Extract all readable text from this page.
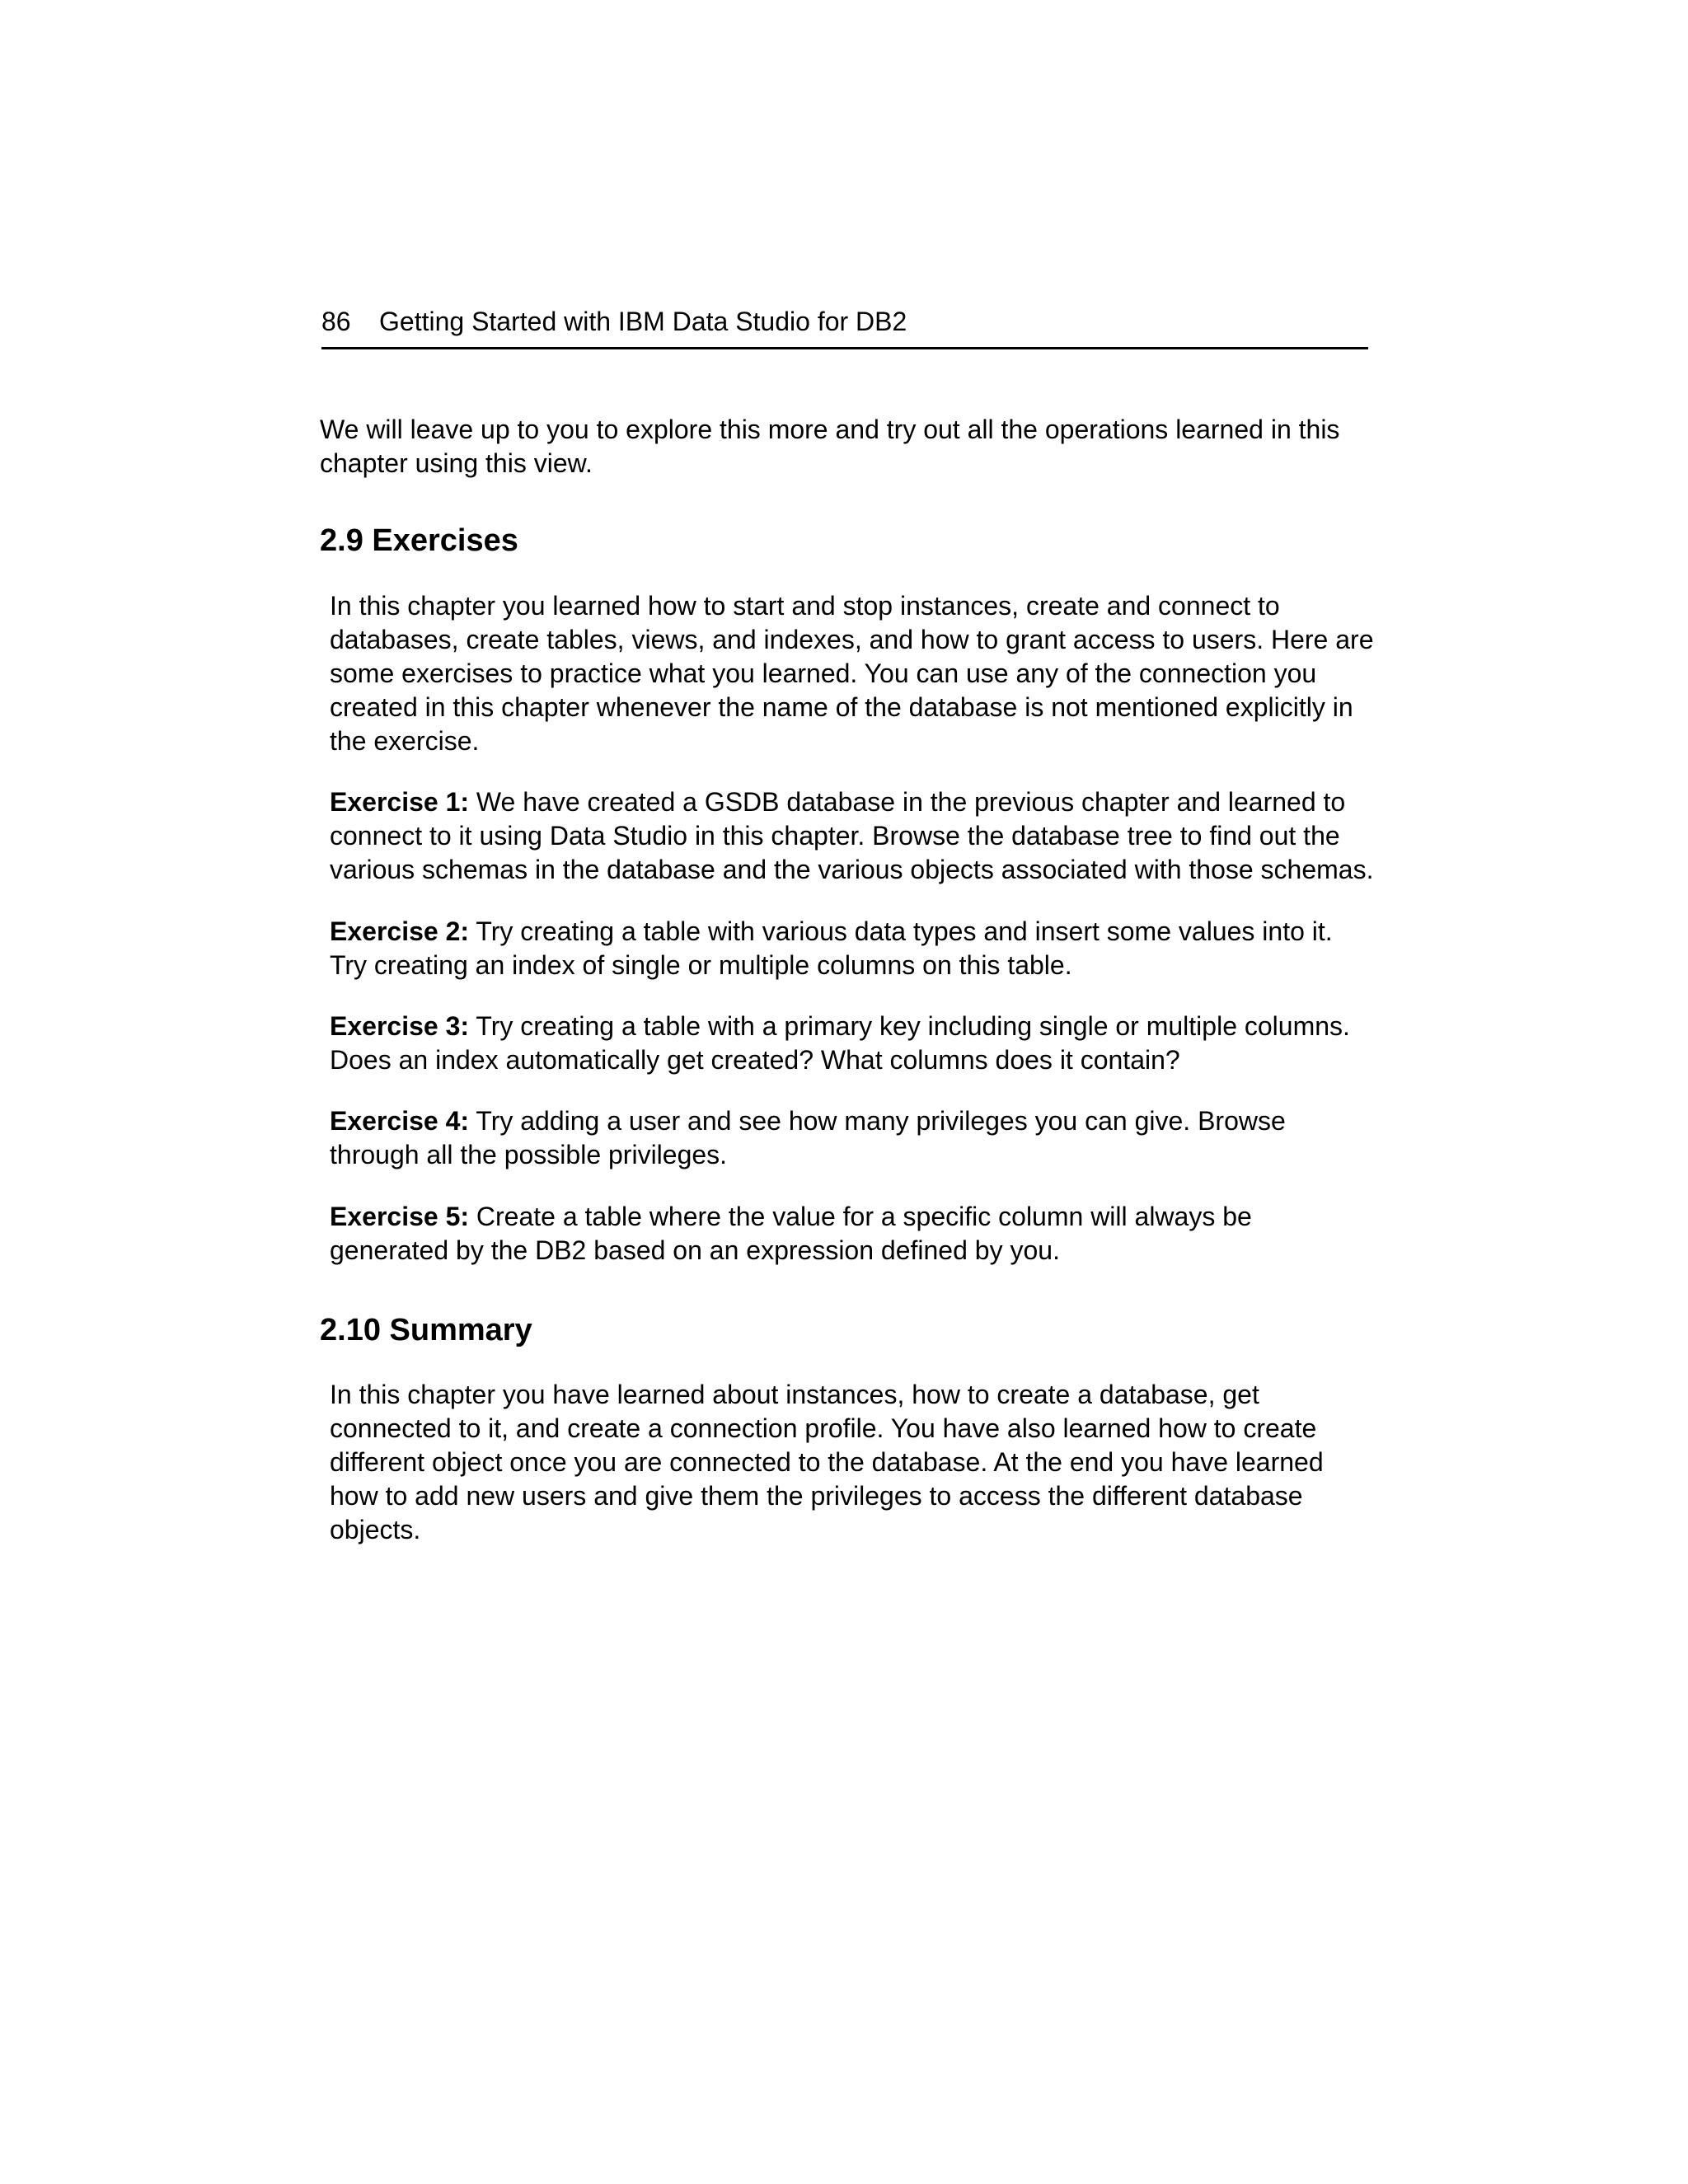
86 Getting Started with IBM Data Studio for DB2

We will leave up to you to explore this more and try out all the operations learned in this
chapter using this view.

2.9 Exercises

In this chapter you learned how to start and stop instances, create and connect to
databases, create tables, views, and indexes, and how to grant access to users. Here are
some exercises to practice what you learned. You can use any of the connection you
created in this chapter whenever the name of the database is not mentioned explicitly in
the exercise.

Exercise 1: We have created a GSDB database in the previous chapter and learned to
connect to it using Data Studio in this chapter. Browse the database tree to find out the
various schemas in the database and the various objects associated with those schemas.

Exercise 2: Try creating a table with various data types and insert some values into it.
Try creating an index of single or multiple columns on this table.

Exercise 3: Try creating a table with a primary key including single or multiple columns.
Does an index automatically get created? What columns does it contain?

Exercise 4: Try adding a user and see how many privileges you can give. Browse
through all the possible privileges.

Exercise 5: Create a table where the value for a specific column will always be
generated by the DB2 based on an expression defined by you.

2.10 Summary

In this chapter you have learned about instances, how to create a database, get
connected to it, and create a connection profile. You have also learned how to create
different object once you are connected to the database. At the end you have learned
how to add new users and give them the privileges to access the different database
objects.
